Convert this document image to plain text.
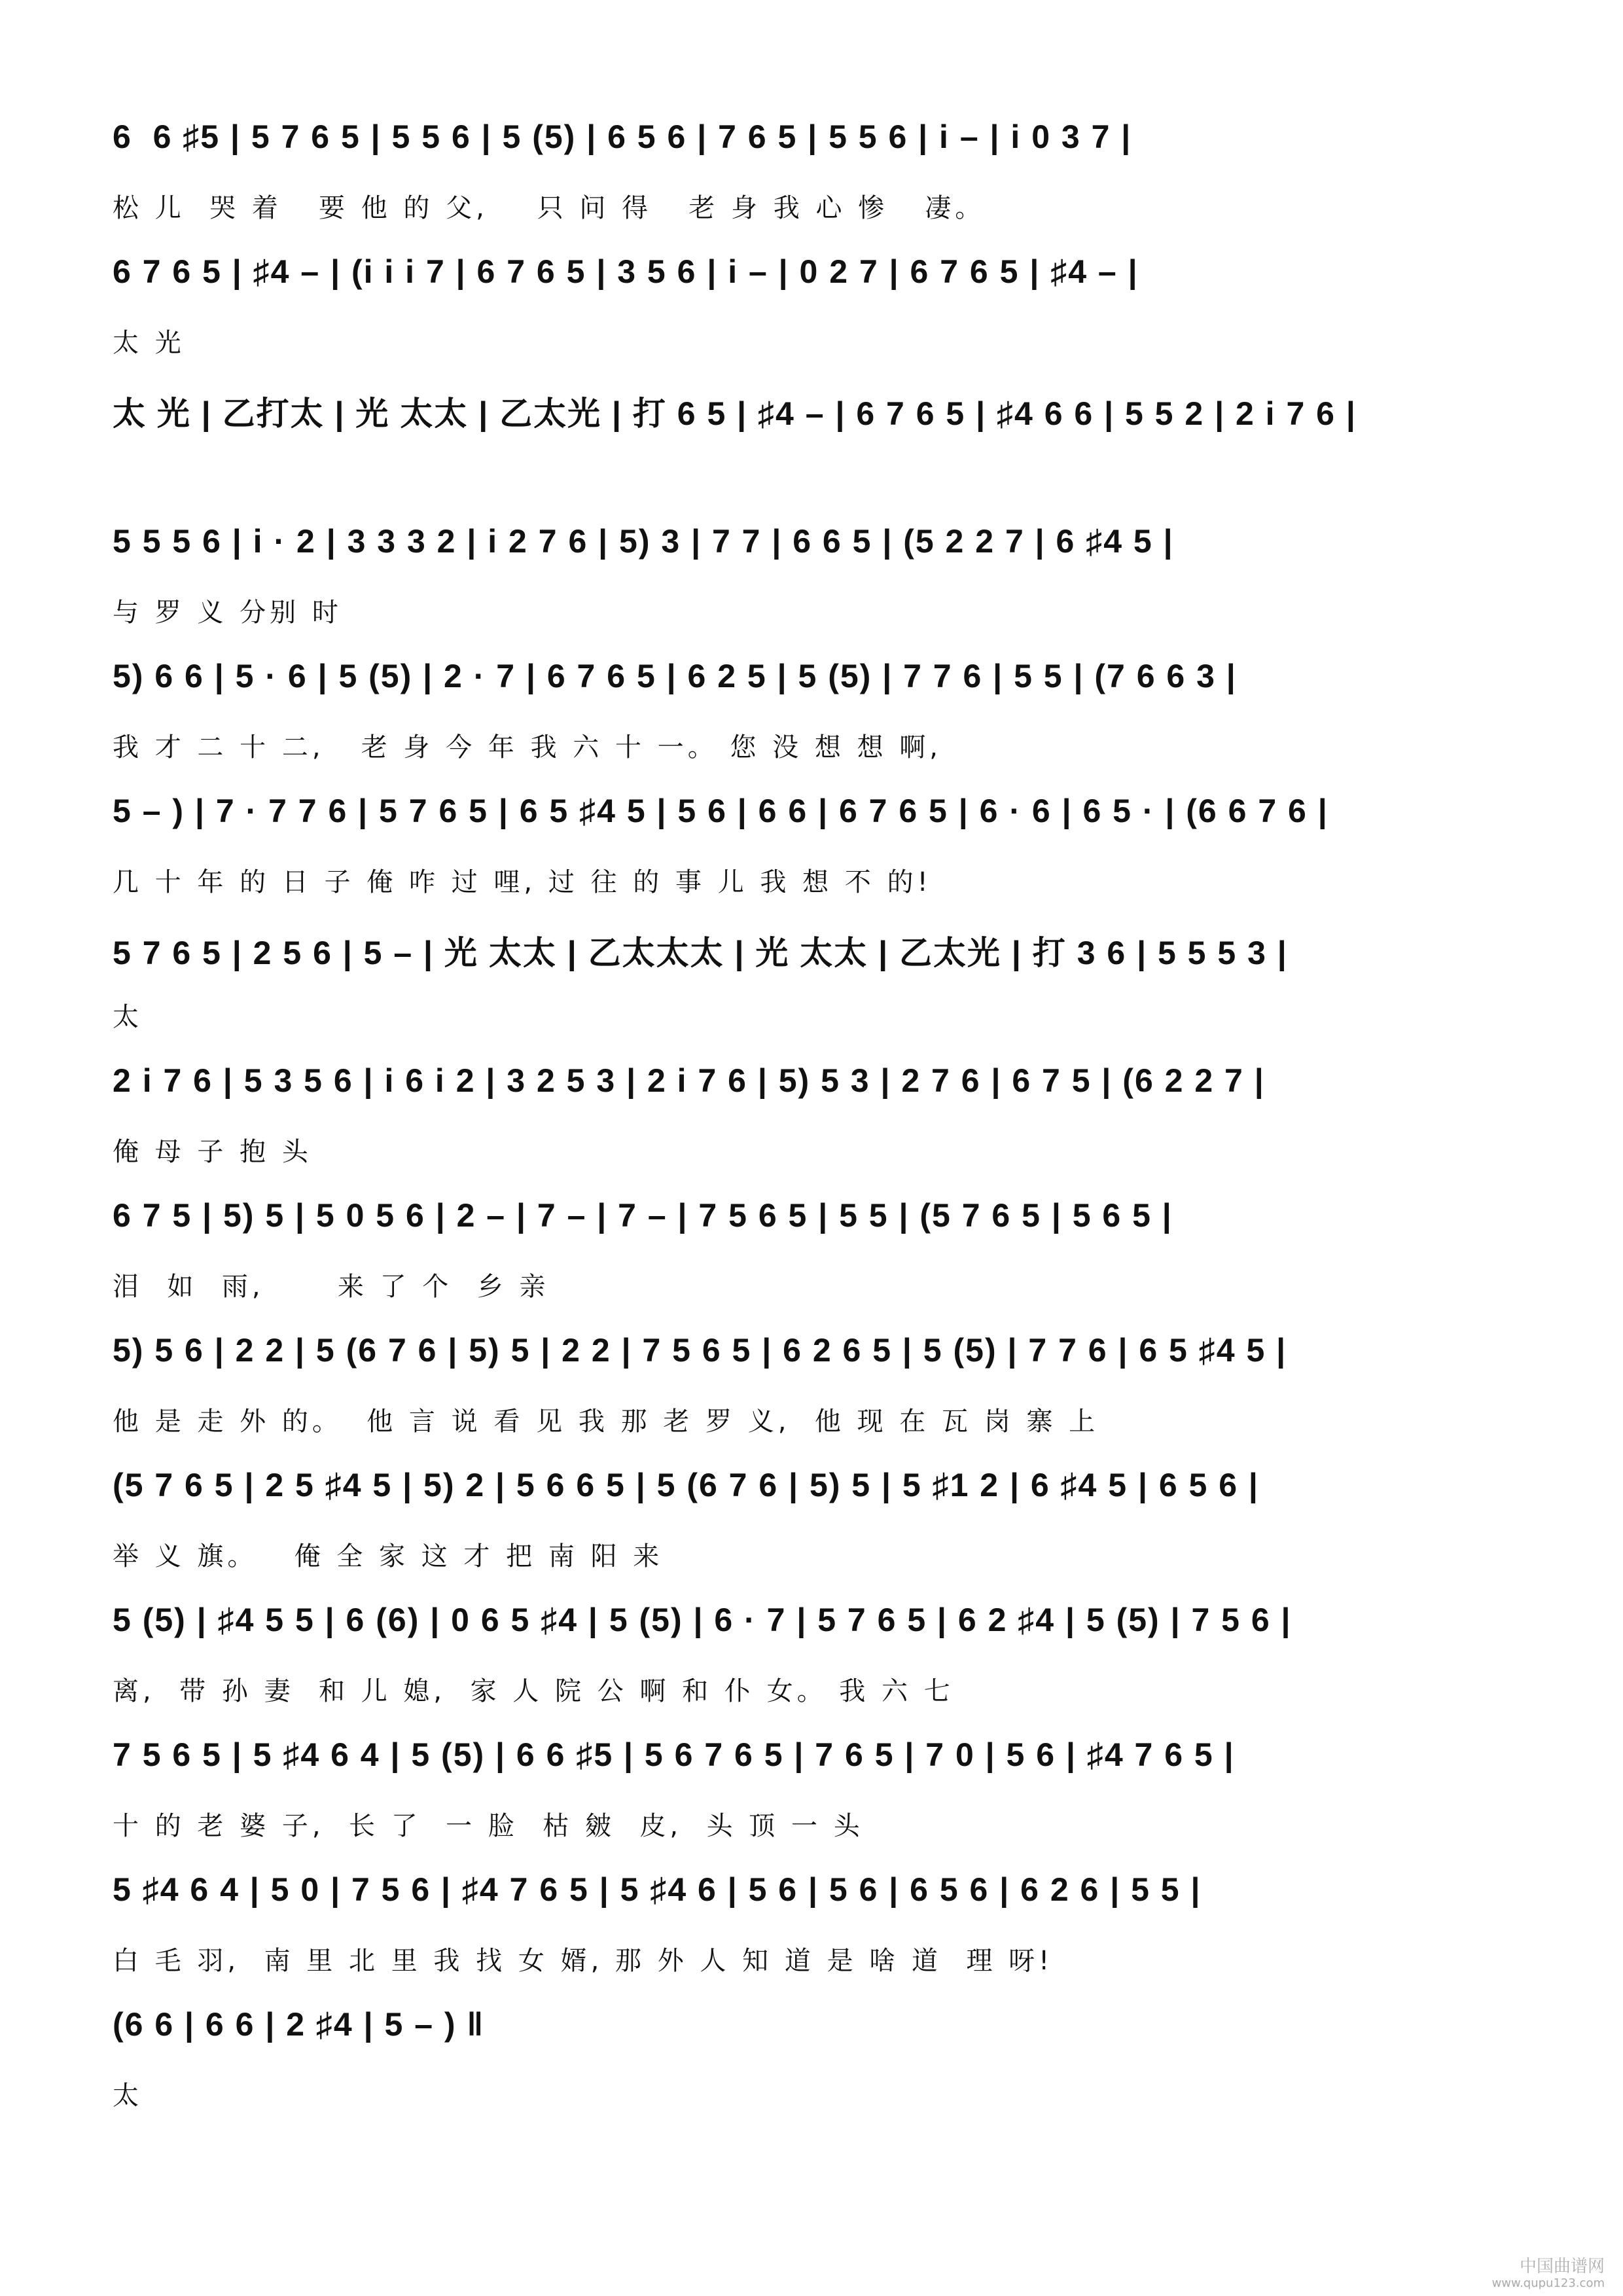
6  6 ♯5 | 5 7 6 5 | 5 5 6 | 5 (5) | 6 5 6 | 7 6 5 | 5 5 6 | i – | i 0 3 7 |
松 儿  哭 着   要 他 的 父,    只 问 得   老 身 我 心 惨   凄。
6 7 6 5 | ♯4 – | (i i i 7 | 6 7 6 5 | 3 5 6 | i – | 0 2 7 | 6 7 6 5 | ♯4 – |
太 光
太 光 | 乙打太 | 光 太太 | 乙太光 | 打 6 5 | ♯4 – | 6 7 6 5 | ♯4 6 6 | 5 5 2 | 2 i 7 6 |
5 5 5 6 | i · 2 | 3 3 3 2 | i 2 7 6 | 5) 3 | 7 7 | 6 6 5 | (5 2 2 7 | 6 ♯4 5 |
与 罗 义 分别 时
5) 6 6 | 5 · 6 | 5 (5) | 2 · 7 | 6 7 6 5 | 6 2 5 | 5 (5) | 7 7 6 | 5 5 | (7 6 6 3 |
我 才 二 十 二,   老 身 今 年 我 六 十 一。 您 没 想 想 啊,
5 – ) | 7 · 7 7 6 | 5 7 6 5 | 6 5 ♯4 5 | 5 6 | 6 6 | 6 7 6 5 | 6 · 6 | 6 5 · | (6 6 7 6 |
几 十 年 的 日 子 俺 咋 过 哩, 过 往 的 事 儿 我 想 不 的!
5 7 6 5 | 2 5 6 | 5 – | 光 太太 | 乙太太太 | 光 太太 | 乙太光 | 打 3 6 | 5 5 5 3 |
太
2 i 7 6 | 5 3 5 6 | i 6 i 2 | 3 2 5 3 | 2 i 7 6 | 5) 5 3 | 2 7 6 | 6 7 5 | (6 2 2 7 |
俺 母 子 抱 头
6 7 5 | 5) 5 | 5 0 5 6 | 2 – | 7 – | 7 – | 7 5 6 5 | 5 5 | (5 7 6 5 | 5 6 5 |
泪  如  雨,      来 了 个  乡 亲
5) 5 6 | 2 2 | 5 (6 7 6 | 5) 5 | 2 2 | 7 5 6 5 | 6 2 6 5 | 5 (5) | 7 7 6 | 6 5 ♯4 5 |
他 是 走 外 的。  他 言 说 看 见 我 那 老 罗 义,  他 现 在 瓦 岗 寨 上
(5 7 6 5 | 2 5 ♯4 5 | 5) 2 | 5 6 6 5 | 5 (6 7 6 | 5) 5 | 5 ♯1 2 | 6 ♯4 5 | 6 5 6 |
举 义 旗。   俺 全 家 这 才 把 南 阳 来
5 (5) | ♯4 5 5 | 6 (6) | 0 6 5 ♯4 | 5 (5) | 6 · 7 | 5 7 6 5 | 6 2 ♯4 | 5 (5) | 7 5 6 |
离,  带 孙 妻  和 儿 媳,  家 人 院 公 啊 和 仆 女。 我 六 七
7 5 6 5 | 5 ♯4 6 4 | 5 (5) | 6 6 ♯5 | 5 6 7 6 5 | 7 6 5 | 7 0 | 5 6 | ♯4 7 6 5 |
十 的 老 婆 子,  长 了  一 脸  枯 皴  皮,  头 顶 一 头
5 ♯4 6 4 | 5 0 | 7 5 6 | ♯4 7 6 5 | 5 ♯4 6 | 5 6 | 5 6 | 6 5 6 | 6 2 6 | 5 5 |
白 毛 羽,  南 里 北 里 我 找 女 婿, 那 外 人 知 道 是 啥 道  理 呀!
(6 6 | 6 6 | 2 ♯4 | 5 – ) ‖
太
中国曲谱网
www.qupu123.com
